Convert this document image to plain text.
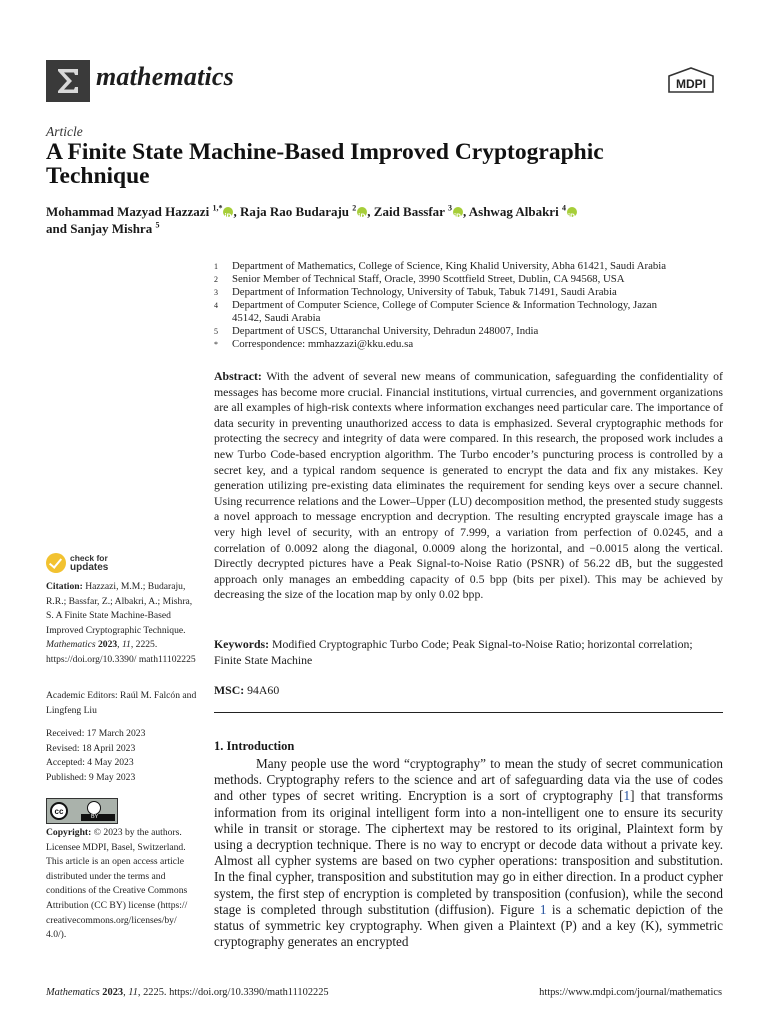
mathematics	MDPI
Article
A Finite State Machine-Based Improved Cryptographic Technique
Mohammad Mazyad Hazzazi $^{1,*}$ iD , Raja Rao Budaraju $^2$ iD , Zaid Bassfar $^3$ iD , Ashwag Albakri $^4$iD
and Sanjay Mishra $^5$
1	Department of Mathematics, College of Science, King Khalid University, Abha 61421, Saudi Arabia
2	Senior Member of Technical Staff, Oracle, 3990 Scottfield Street, Dublin, CA 94568, USA
3	Department of Information Technology, University of Tabuk, Tabuk 71491, Saudi Arabia
4	Department of Computer Science, College of Computer Science & Information Technology, Jazan 45142, Saudi Arabia
5	Department of USCS, Uttaranchal University, Dehradun 248007, India
*	Correspondence: mmhazzazi@kku.edu.sa
Abstract: With the advent of several new means of communication, safeguarding the confidentiality of messages has become more crucial. Financial institutions, virtual currencies, and government organizations are all examples of high-risk contexts where information exchanges need particular care. The importance of data security in preventing unauthorized access to data is emphasized. Several cryptographic methods for protecting the secrecy and integrity of data were compared. In this research, the proposed work includes a new Turbo Code-based encryption algorithm. The Turbo encoder’s puncturing process is controlled by a secret key, and a typical random sequence is generated to encrypt the data and fix any mistakes. Key generation utilizing pre-existing data eliminates the requirement for sending keys over a secure channel. Using recurrence relations and the Lower–Upper (LU) decomposition method, the presented study suggests a novel approach to message encryption and decryption. The resulting encrypted grayscale image has a very high level of security, with an entropy of 7.999, a variation from perfection of 0.0245, and a correlation of 0.0092 along the diagonal, 0.0009 along the horizontal, and −0.0015 along the vertical. Directly decrypted pictures have a Peak Signal-to-Noise Ratio (PSNR) of 56.22 dB, but the suggested approach only manages an embedding capacity of 0.5 bpp (bits per pixel). This may be achieved by decreasing the size of the location map by only 0.02 bpp.
Keywords: Modified Cryptographic Turbo Code; Peak Signal-to-Noise Ratio; horizontal correlation; Finite State Machine
MSC: 94A60
1. Introduction
Many people use the word “cryptography” to mean the study of secret communication methods. Cryptography refers to the science and art of safeguarding data via the use of codes and other types of secret writing. Encryption is a sort of cryptography [1] that transforms information from its original intelligent form into a non-intelligent one to ensure its security while in transit or storage. The ciphertext may be restored to its original, Plaintext form by using a decryption technique. There is no way to encrypt or decode data without a private key. Almost all cypher systems are based on two cypher operations: transposition and substitution. In the final cypher, transposition and substitution may go in either direction. In a product cypher system, the first step of encryption is completed by transposition (confusion), while the second stage is completed through substitution (diffusion). Figure 1 is a schematic depiction of the status of symmetric key cryptography. When given a Plaintext (P) and a key (K), symmetric cryptography generates an encrypted
check for
updates
Citation: Hazzazi, M.M.; Budaraju, R.R.; Bassfar, Z.; Albakri, A.; Mishra, S. A Finite State Machine-Based Improved Cryptographic Technique. Mathematics 2023, 11, 2225. https://doi.org/10.3390/ math11102225
Academic Editors: Raúl M. Falcón and Lingfeng Liu
Received: 17 March 2023
Revised: 18 April 2023
Accepted: 4 May 2023
Published: 9 May 2023
cc
BY
Copyright: © 2023 by the authors. Licensee MDPI, Basel, Switzerland. This article is an open access article distributed under the terms and conditions of the Creative Commons Attribution (CC BY) license (https:// creativecommons.org/licenses/by/ 4.0/).
Mathematics 2023, 11, 2225. https://doi.org/10.3390/math11102225	https://www.mdpi.com/journal/mathematics
